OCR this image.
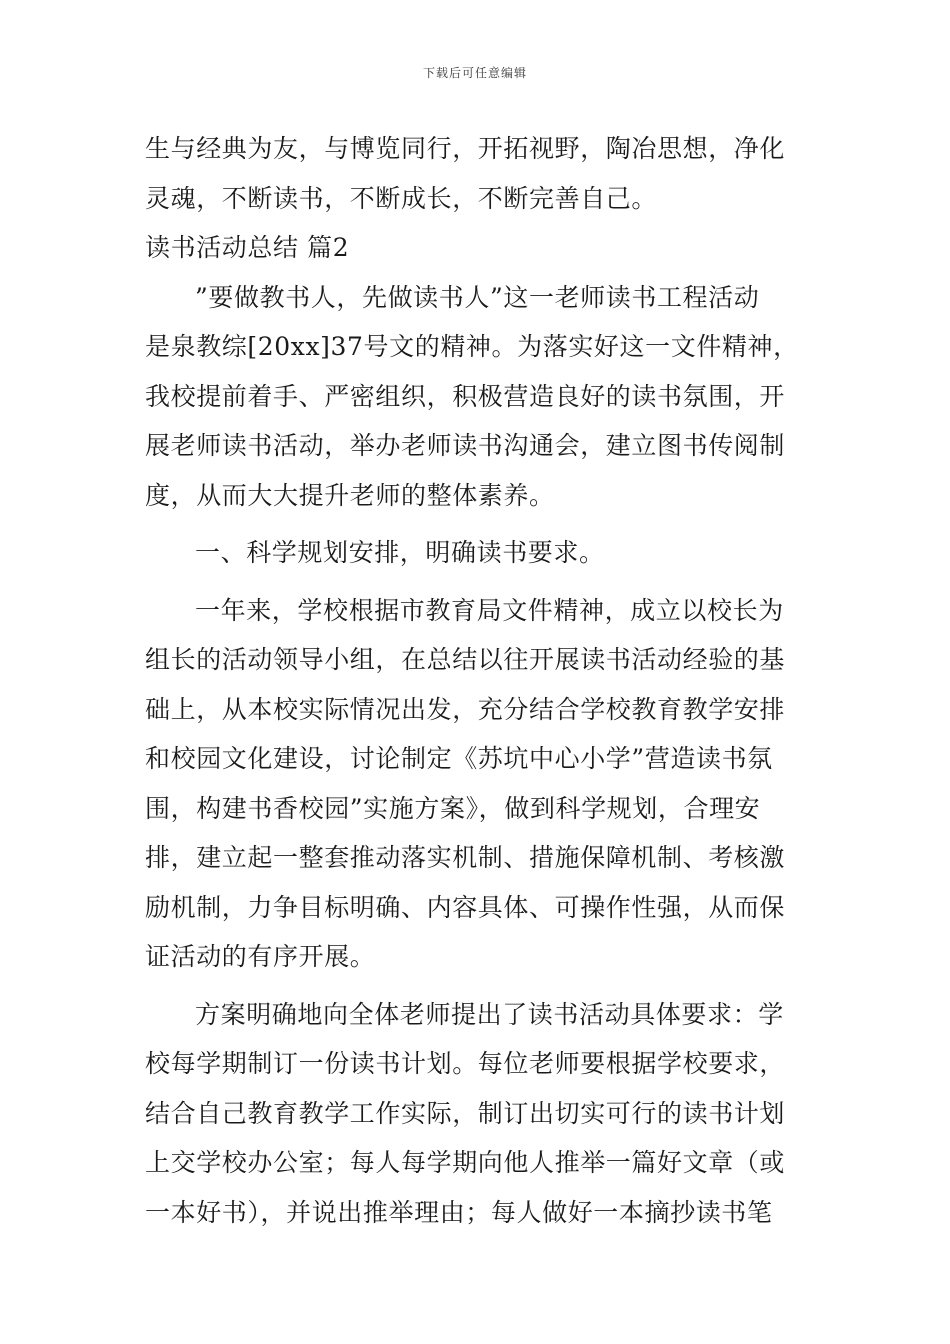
下载后可任意编辑
生与经典为友，与博览同行，开拓视野，陶冶思想，净化
灵魂，不断读书，不断成长，不断完善自己。
读书活动总结 篇2
”要做教书人，先做读书人”这一老师读书工程活动
是泉教综[20xx]37号文的精神。为落实好这一文件精神，
我校提前着手、严密组织，积极营造良好的读书氛围，开
展老师读书活动，举办老师读书沟通会，建立图书传阅制
度，从而大大提升老师的整体素养。
一、科学规划安排，明确读书要求。
一年来，学校根据市教育局文件精神，成立以校长为
组长的活动领导小组，在总结以往开展读书活动经验的基
础上，从本校实际情况出发，充分结合学校教育教学安排
和校园文化建设，讨论制定《苏坑中心小学”营造读书氛
围，构建书香校园”实施方案》，做到科学规划，合理安
排，建立起一整套推动落实机制、措施保障机制、考核激
励机制，力争目标明确、内容具体、可操作性强，从而保
证活动的有序开展。
方案明确地向全体老师提出了读书活动具体要求：学
校每学期制订一份读书计划。每位老师要根据学校要求，
结合自己教育教学工作实际，制订出切实可行的读书计划
上交学校办公室；每人每学期向他人推举一篇好文章（或
一本好书），并说出推举理由；每人做好一本摘抄读书笔
